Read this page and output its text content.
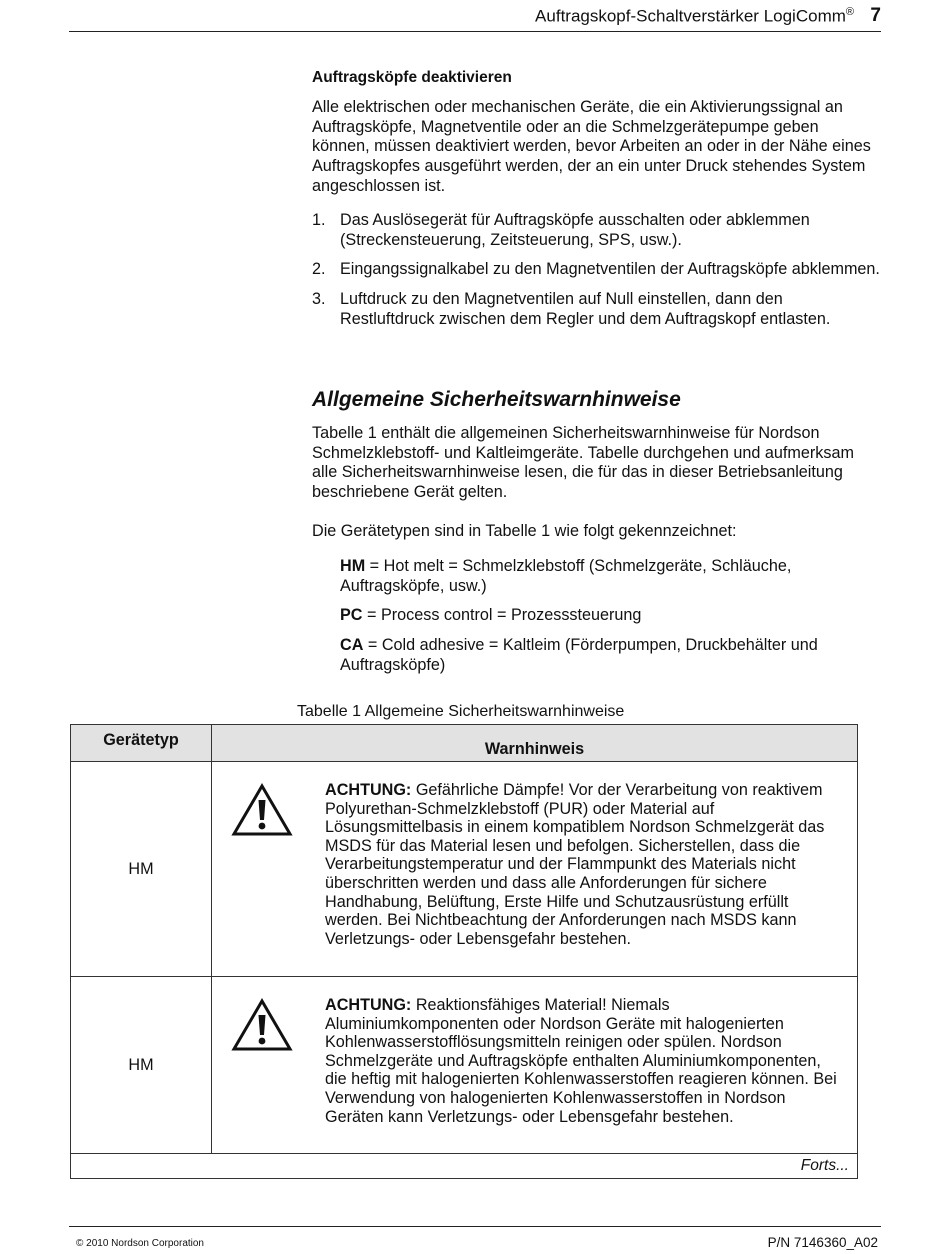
Auftragskopf-Schaltverstärker LogiComm® 7
Auftragsköpfe deaktivieren
Alle elektrischen oder mechanischen Geräte, die ein Aktivierungssignal an Auftragsköpfe, Magnetventile oder an die Schmelzgerätepumpe geben können, müssen deaktiviert werden, bevor Arbeiten an oder in der Nähe eines Auftragskopfes ausgeführt werden, der an ein unter Druck stehendes System angeschlossen ist.
1. Das Auslösegerät für Auftragsköpfe ausschalten oder abklemmen (Streckensteuerung, Zeitsteuerung, SPS, usw.).
2. Eingangssignalkabel zu den Magnetventilen der Auftragsköpfe abklemmen.
3. Luftdruck zu den Magnetventilen auf Null einstellen, dann den Restluftdruck zwischen dem Regler und dem Auftragskopf entlasten.
Allgemeine Sicherheitswarnhinweise
Tabelle 1 enthält die allgemeinen Sicherheitswarnhinweise für Nordson Schmelzklebstoff- und Kaltleimgeräte. Tabelle durchgehen und aufmerksam alle Sicherheitswarnhinweise lesen, die für das in dieser Betriebsanleitung beschriebene Gerät gelten.
Die Gerätetypen sind in Tabelle 1 wie folgt gekennzeichnet:

HM = Hot melt = Schmelzklebstoff (Schmelzgeräte, Schläuche, Auftragsköpfe, usw.)

PC = Process control = Prozesssteuerung

CA = Cold adhesive = Kaltleim (Förderpumpen, Druckbehälter und Auftragsköpfe)

Tabelle 1 Allgemeine Sicherheitswarnhinweise
Gerätetyp	Warnhinweis
HM	ACHTUNG: Gefährliche Dämpfe! Vor der Verarbeitung von reaktivem Polyurethan-Schmelzklebstoff (PUR) oder Material auf Lösungsmittelbasis in einem kompatiblem Nordson Schmelzgerät das MSDS für das Material lesen und befolgen. Sicherstellen, dass die Verarbeitungstemperatur und der Flammpunkt des Materials nicht überschritten werden und dass alle Anforderungen für sichere Handhabung, Belüftung, Erste Hilfe und Schutzausrüstung erfüllt werden. Bei Nichtbeachtung der Anforderungen nach MSDS kann Verletzungs- oder Lebensgefahr bestehen.

HM	ACHTUNG: Reaktionsfähiges Material! Niemals Aluminiumkomponenten oder Nordson Geräte mit halogenierten Kohlenwasserstofflösungsmitteln reinigen oder spülen. Nordson Schmelzgeräte und Auftragsköpfe enthalten Aluminiumkomponenten, die heftig mit halogenierten Kohlenwasserstoffen reagieren können. Bei Verwendung von halogenierten Kohlenwasserstoffen in Nordson Geräten kann Verletzungs- oder Lebensgefahr bestehen.

Forts...	
© 2010 Nordson Corporation	P/N 7146360_A02
